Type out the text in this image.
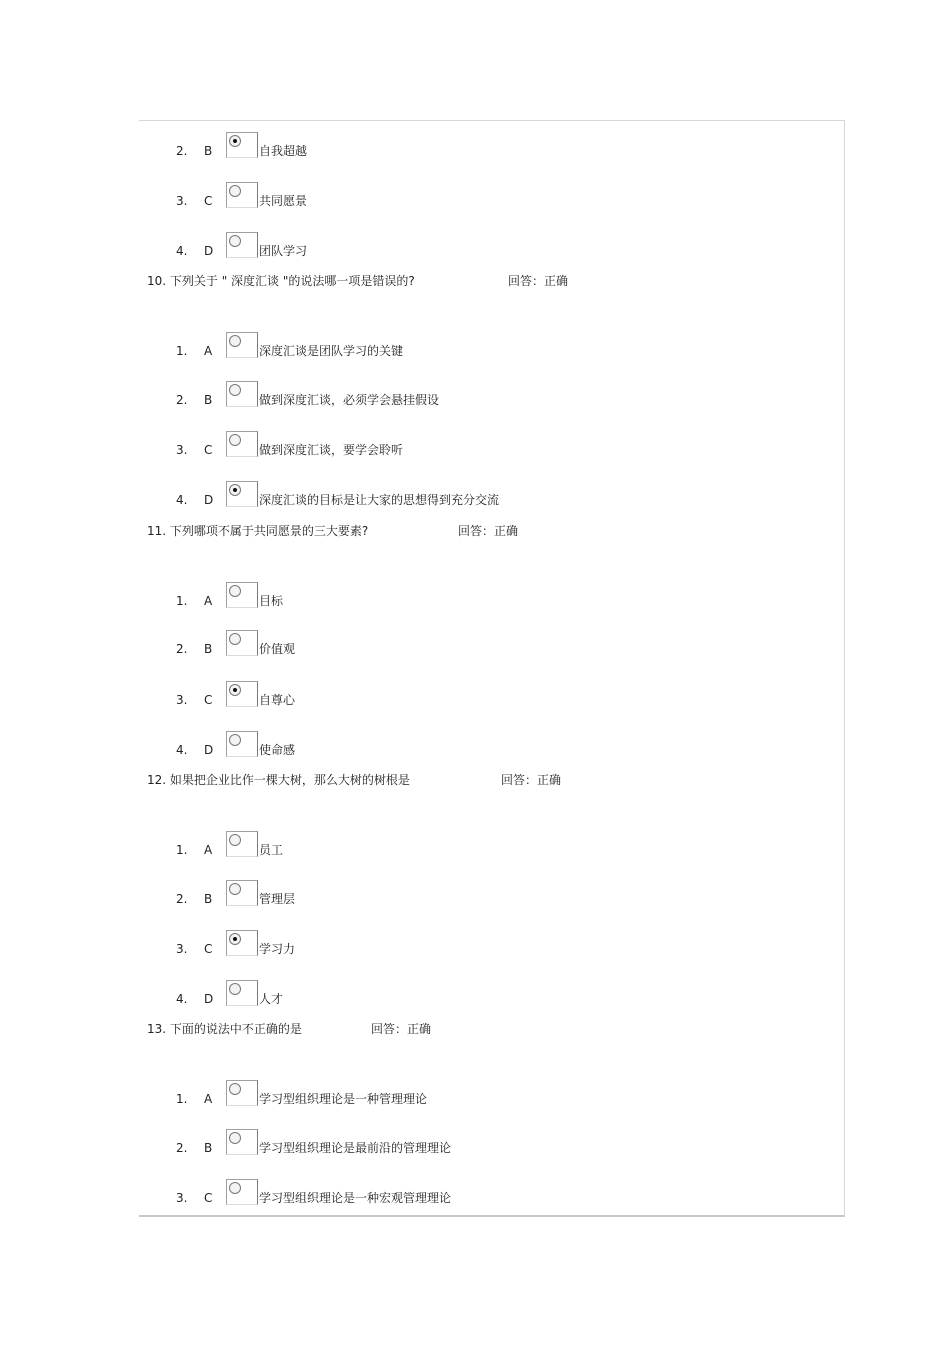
2. B	自我超越
3. C	共同愿景
4. D	团队学习
10. 下列关于 " 深度汇谈 "的说法哪一项是错误的?	回答：正确
1. A	深度汇谈是团队学习的关键
2. B	做到深度汇谈，必须学会悬挂假设
3. C	做到深度汇谈，要学会聆听
4. D	深度汇谈的目标是让大家的思想得到充分交流
11. 下列哪项不属于共同愿景的三大要素?	回答：正确
1. A	目标
2. B	价值观
3. C	自尊心
4. D	使命感
12. 如果把企业比作一棵大树，那么大树的树根是	回答：正确
1. A	员工
2. B	管理层
3. C	学习力
4. D	人才
13. 下面的说法中不正确的是	回答：正确
1. A	学习型组织理论是一种管理理论
2. B	学习型组织理论是最前沿的管理理论
3. C	学习型组织理论是一种宏观管理理论
